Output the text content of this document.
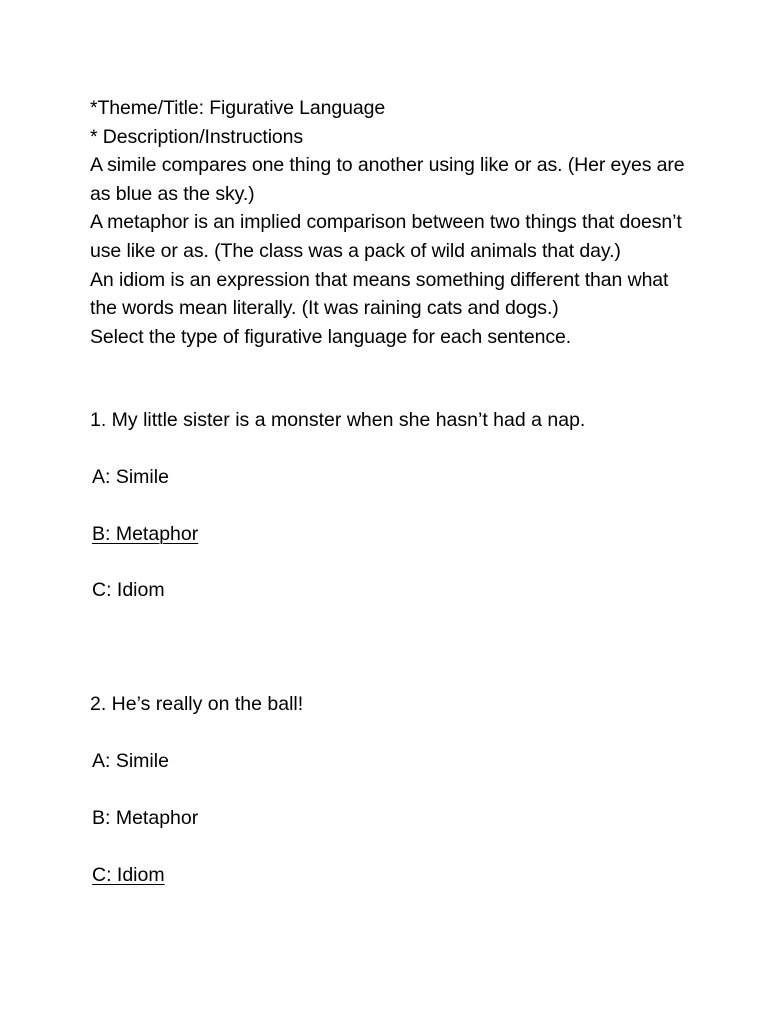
*Theme/Title: Figurative Language

* Description/Instructions

A simile compares one thing to another using like or as. (Her eyes are as blue as the sky.)

A metaphor is an implied comparison between two things that doesn’t use like or as. (The class was a pack of wild animals that day.)

An idiom is an expression that means something different than what the words mean literally. (It was raining cats and dogs.)

Select the type of figurative language for each sentence.

1. My little sister is a monster when she hasn’t had a nap.

A: Simile

B: Metaphor

C: Idiom

2. He’s really on the ball!

A: Simile

B: Metaphor

C: Idiom
